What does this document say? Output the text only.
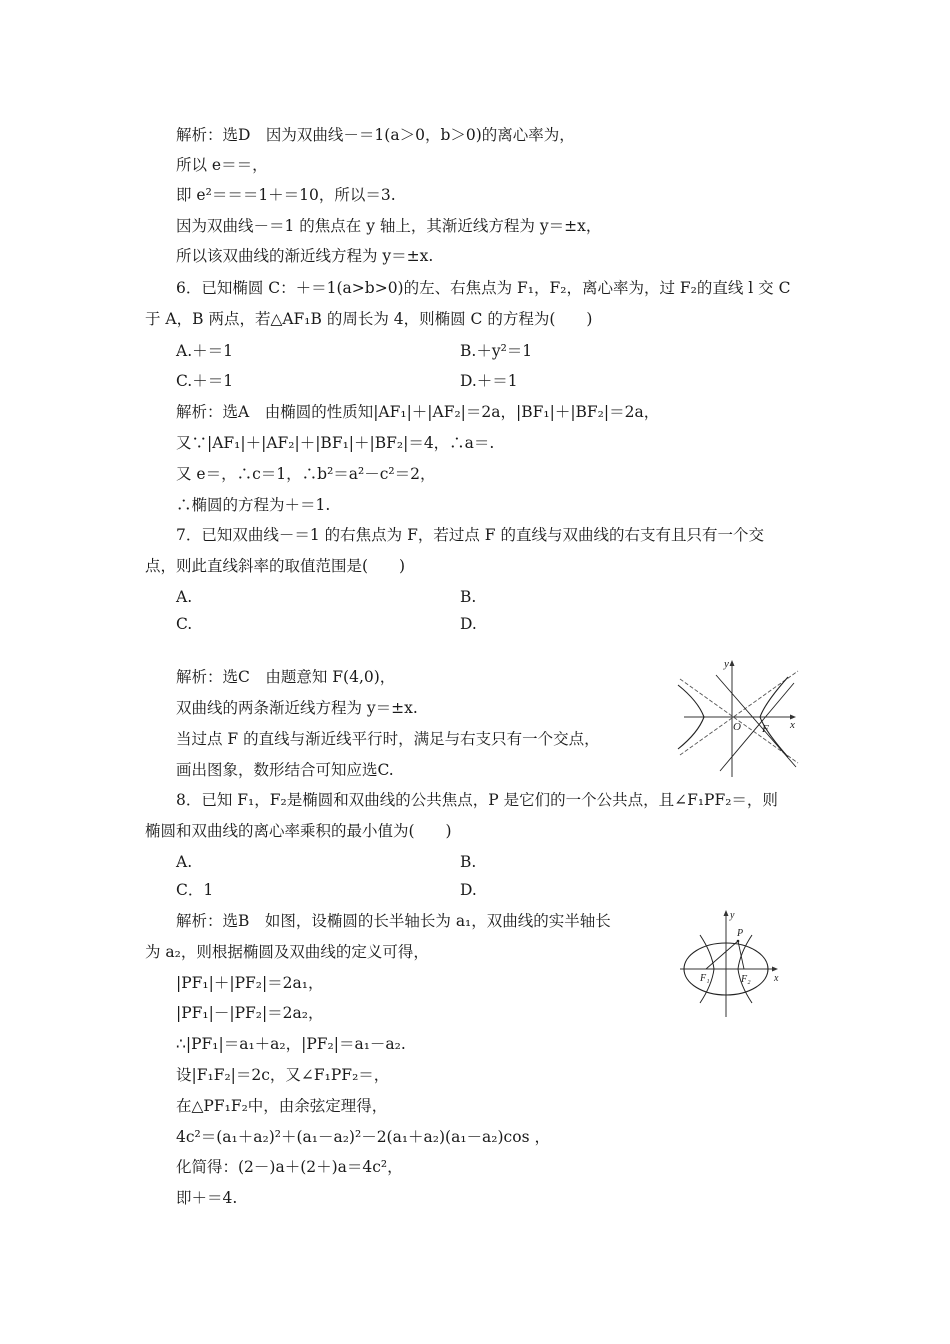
解析：选D　因为双曲线－＝1(a＞0，b＞0)的离心率为，
所以 e＝＝，
即 e²＝＝＝1＋＝10，所以＝3.
因为双曲线－＝1 的焦点在 y 轴上，其渐近线方程为 y＝±x，
所以该双曲线的渐近线方程为 y＝±x.
6．已知椭圆 C：＋＝1(a>b>0)的左、右焦点为 F₁，F₂，离心率为，过 F₂的直线 l 交 C
于 A，B 两点，若△AF₁B 的周长为 4，则椭圆 C 的方程为(　　)
A.＋＝1	B.＋y²＝1
C.＋＝1	D.＋＝1
解析：选A　由椭圆的性质知|AF₁|＋|AF₂|＝2a，|BF₁|＋|BF₂|＝2a，
又∵|AF₁|＋|AF₂|＋|BF₁|＋|BF₂|＝4，∴a＝.
又 e＝，∴c＝1，∴b²＝a²－c²＝2，
∴椭圆的方程为＋＝1.
7．已知双曲线－＝1 的右焦点为 F，若过点 F 的直线与双曲线的右支有且只有一个交
点，则此直线斜率的取值范围是(　　)
A.	B.
C.	D.
解析：选C　由题意知 F(4,0)，
双曲线的两条渐近线方程为 y＝±x.
当过点 F 的直线与渐近线平行时，满足与右支只有一个交点，
画出图象，数形结合可知应选C.
8．已知 F₁，F₂是椭圆和双曲线的公共焦点，P 是它们的一个公共点，且∠F₁PF₂＝，则
椭圆和双曲线的离心率乘积的最小值为(　　)
A.	B.
C．1	D.
解析：选B　如图，设椭圆的长半轴长为 a₁，双曲线的实半轴长
为 a₂，则根据椭圆及双曲线的定义可得，
|PF₁|＋|PF₂|＝2a₁，
|PF₁|－|PF₂|＝2a₂，
∴|PF₁|＝a₁＋a₂，|PF₂|＝a₁－a₂.
设|F₁F₂|＝2c，又∠F₁PF₂＝，
在△PF₁F₂中，由余弦定理得，
4c²＝(a₁＋a₂)²＋(a₁－a₂)²－2(a₁＋a₂)(a₁－a₂)cos ，
化简得：(2－)a＋(2＋)a＝4c²，
即＋＝4.
y
x
O F
y
x
P
F₁	F₂
